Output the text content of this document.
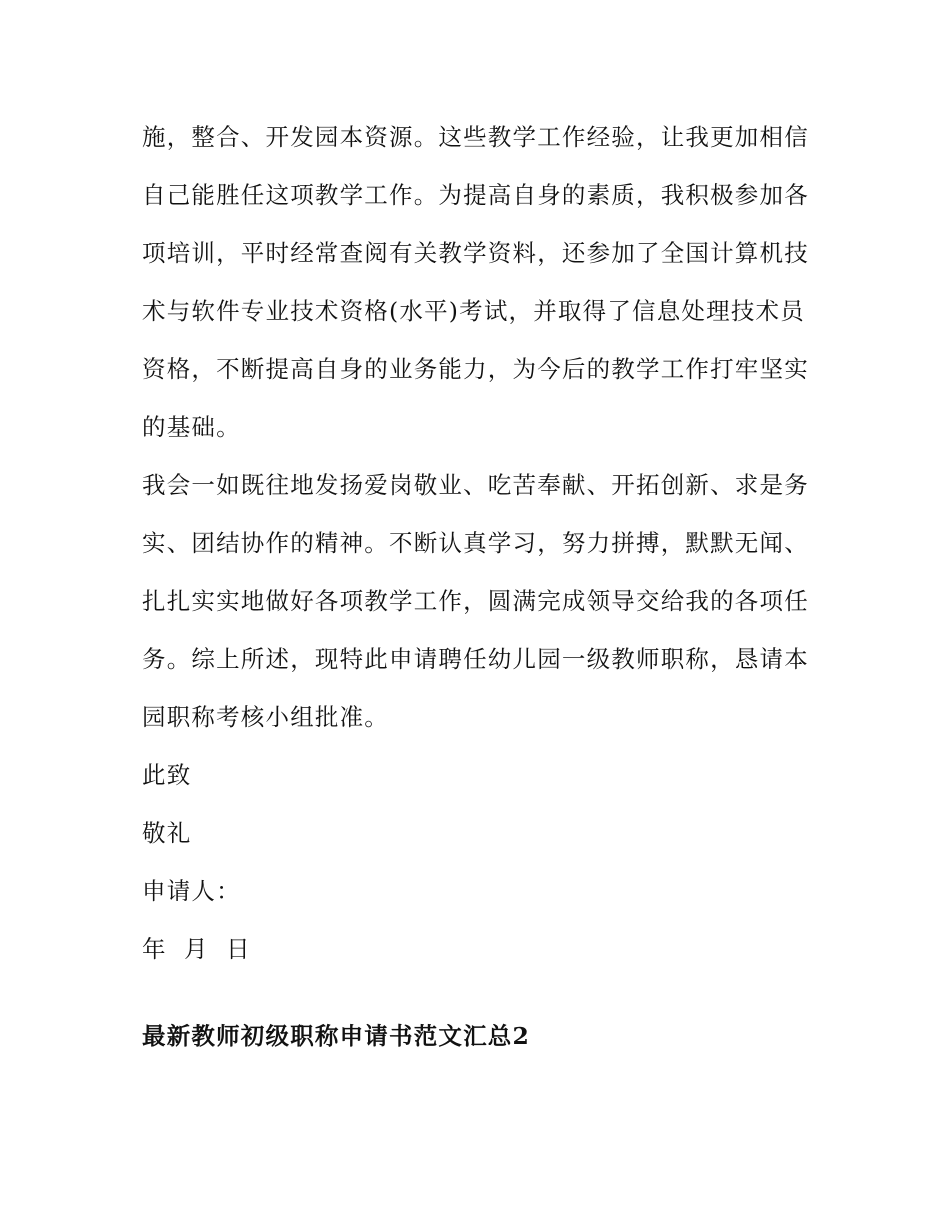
施，整合、开发园本资源。这些教学工作经验，让我更加相信
自己能胜任这项教学工作。为提高自身的素质，我积极参加各
项培训，平时经常查阅有关教学资料，还参加了全国计算机技
术与软件专业技术资格(水平)考试，并取得了信息处理技术员
资格，不断提高自身的业务能力，为今后的教学工作打牢坚实
的基础。

我会一如既往地发扬爱岗敬业、吃苦奉献、开拓创新、求是务
实、团结协作的精神。不断认真学习，努力拼搏，默默无闻、
扎扎实实地做好各项教学工作，圆满完成领导交给我的各项任
务。综上所述，现特此申请聘任幼儿园一级教师职称，恳请本
园职称考核小组批准。

此致

敬礼

申请人：

年  月  日

最新教师初级职称申请书范文汇总2
